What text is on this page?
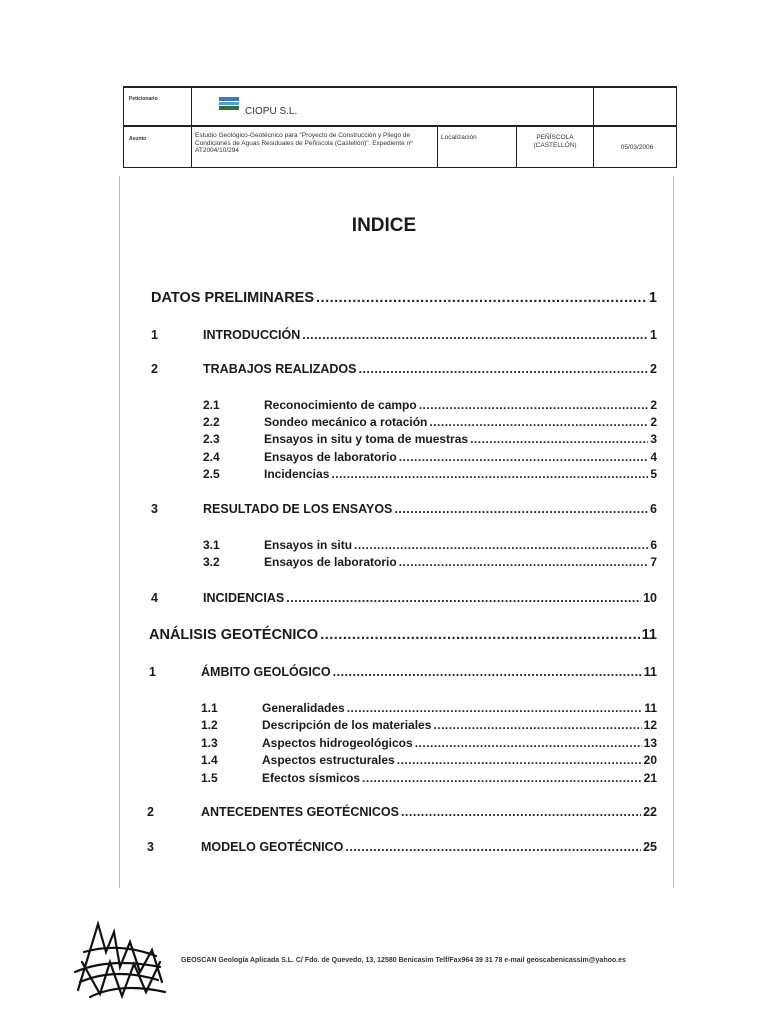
Peticionario
CIOPU S.L.
Asunto	Estudio Geológico-Geotécnico para "Proyecto de Construcción y Pliego de Condiciones de Aguas Residuales de Peñíscola (Castellón)". Expediente nº AT2004/10/294
Localización	PEÑÍSCOLA (CASTELLÓN)	05/03/2006
INDICE
DATOS PRELIMINARES .....	1
1	INTRODUCCIÓN .....	1
2	TRABAJOS REALIZADOS .....	2
2.1	Reconocimiento de campo .....	2
2.2	Sondeo mecánico a rotación .....	2
2.3	Ensayos in situ y toma de muestras .....	3
2.4	Ensayos de laboratorio .....	4
2.5	Incidencias .....	5
3	RESULTADO DE LOS ENSAYOS .....	6
3.1	Ensayos in situ .....	6
3.2	Ensayos de laboratorio .....	7
4	INCIDENCIAS .....	10
ANÁLISIS GEOTÉCNICO .....	11
1	ÁMBITO GEOLÓGICO .....	11
1.1	Generalidades .....	11
1.2	Descripción de los materiales .....	12
1.3	Aspectos hidrogeológicos .....	13
1.4	Aspectos estructurales .....	20
1.5	Efectos sísmicos .....	21
2	ANTECEDENTES GEOTÉCNICOS .....	22
3	MODELO GEOTÉCNICO .....	25
GEOSCAN Geología Aplicada S.L. C/ Fdo. de Quevedo, 13, 12580 Benicasim Telf/Fax964 39 31 78 e-mail geoscabenicassim@yahoo.es
